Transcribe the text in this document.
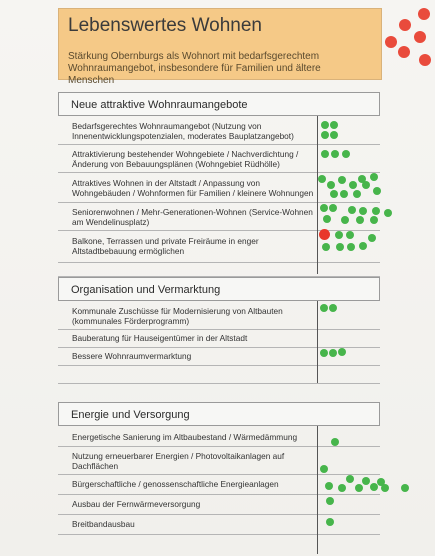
Lebenswertes Wohnen
Stärkung Obernburgs als Wohnort mit bedarfsgerechtem Wohnraumangebot, insbesondere für Familien und ältere Menschen
Neue attraktive Wohnraumangebote
Bedarfsgerechtes Wohnraumangebot (Nutzung von Innenentwicklungspotenzialen, moderates Bauplatzangebot)
Attraktivierung bestehender Wohngebiete / Nachverdichtung / Änderung von Bebauungsplänen (Wohngebiet Rüdhölle)
Attraktives Wohnen in der Altstadt / Anpassung von Wohngebäuden / Wohnformen für Familien / kleinere Wohnungen
Seniorenwohnen / Mehr-Generationen-Wohnen (Service-Wohnen am Wendelinusplatz)
Balkone, Terrassen und private Freiräume in enger Altstadtbebauung ermöglichen
Organisation und Vermarktung
Kommunale Zuschüsse für Modernisierung von Altbauten (kommunales Förderprogramm)
Bauberatung für Hauseigentümer in der Altstadt
Bessere Wohnraumvermarktung
Energie und Versorgung
Energetische Sanierung im Altbaubestand / Wärmedämmung
Nutzung erneuerbarer Energien / Photovoltaikanlagen auf Dachflächen
Bürgerschaftliche / genossenschaftliche Energieanlagen
Ausbau der Fernwärmeversorgung
Breitbandausbau
